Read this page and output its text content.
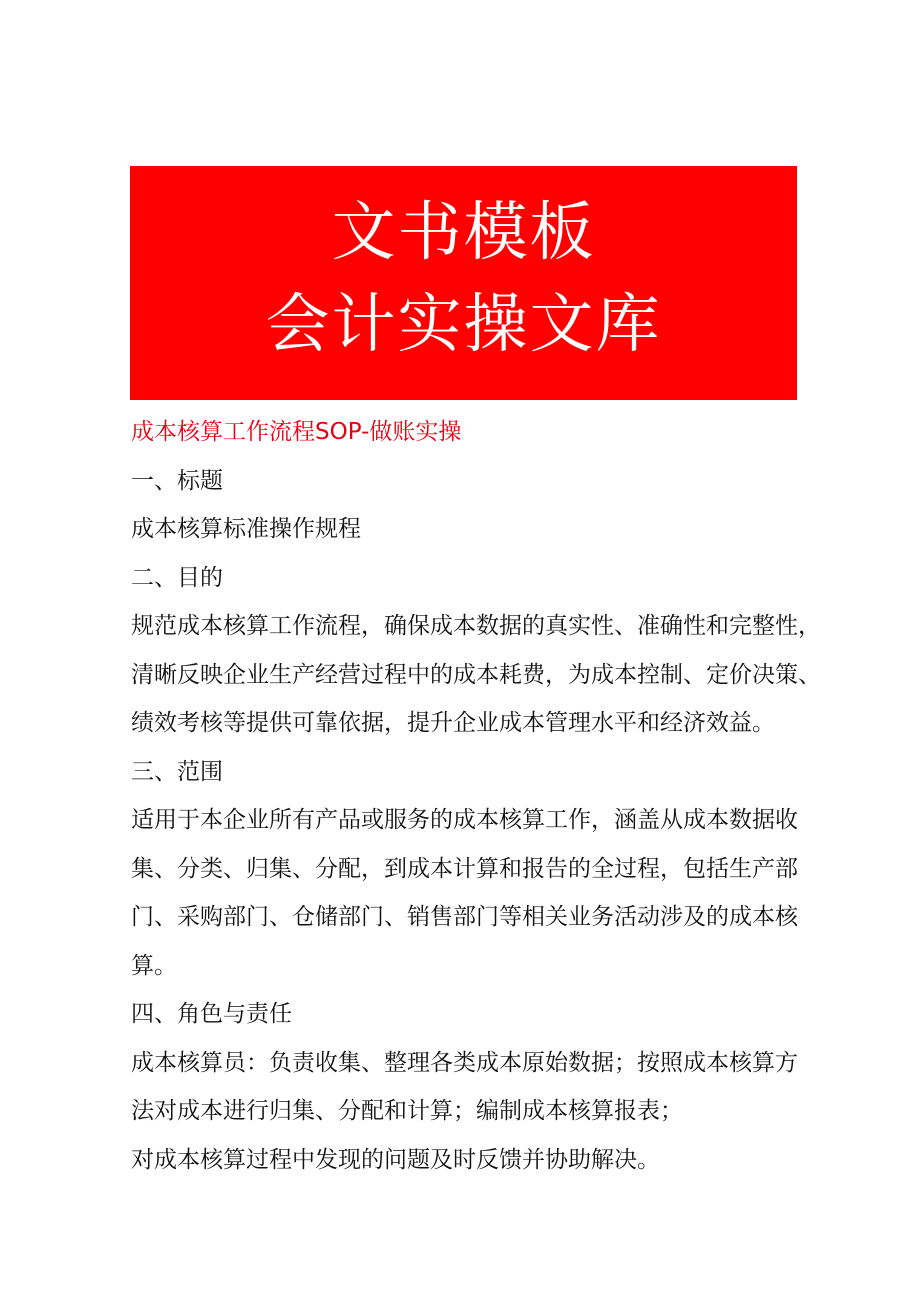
文书模板
会计实操文库

成本核算工作流程SOP-做账实操

一、标题

成本核算标准操作规程

二、目的

规范成本核算工作流程，确保成本数据的真实性、准确性和完整性，

清晰反映企业生产经营过程中的成本耗费，为成本控制、定价决策、

绩效考核等提供可靠依据，提升企业成本管理水平和经济效益。

三、范围

适用于本企业所有产品或服务的成本核算工作，涵盖从成本数据收

集、分类、归集、分配，到成本计算和报告的全过程，包括生产部

门、采购部门、仓储部门、销售部门等相关业务活动涉及的成本核

算。

四、角色与责任

成本核算员：负责收集、整理各类成本原始数据；按照成本核算方

法对成本进行归集、分配和计算；编制成本核算报表；

对成本核算过程中发现的问题及时反馈并协助解决。
